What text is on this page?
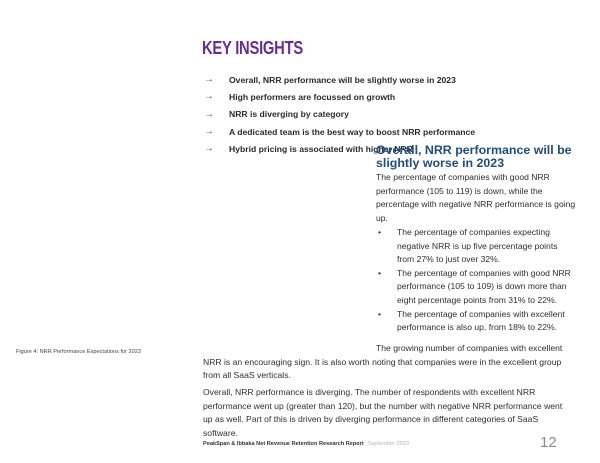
KEY INSIGHTS
→	Overall, NRR performance will be slightly worse in 2023
→	High performers are focussed on growth
→	NRR is diverging by category
→	A dedicated team is the best way to boost NRR performance
→	Hybrid pricing is associated with higher NRR
Overall, NRR performance will be slightly worse in 2023
The percentage of companies with good NRR performance (105 to 119) is down, while the percentage with negative NRR performance is going up.
• The percentage of companies expecting negative NRR is up five percentage points from 27% to just over 32%.
• The percentage of companies with good NRR performance (105 to 109) is down more than eight percentage points from 31% to 22%.
• The percentage of companies with excellent performance is also up, from 18% to 22%.
Figure 4: NRR Performance Expectations for 2023	The growing number of companies with excellent NRR is an encouraging sign. It is also worth noting that companies were in the excellent group from all SaaS verticals.
Overall, NRR performance is diverging. The number of respondents with excellent NRR performance went up (greater than 120), but the number with negative NRR performance went up as well. Part of this is driven by diverging performance in different categories of SaaS software.
PeakSpan & Ibbaka Net Revenue Retention Research Report September 2023	12
